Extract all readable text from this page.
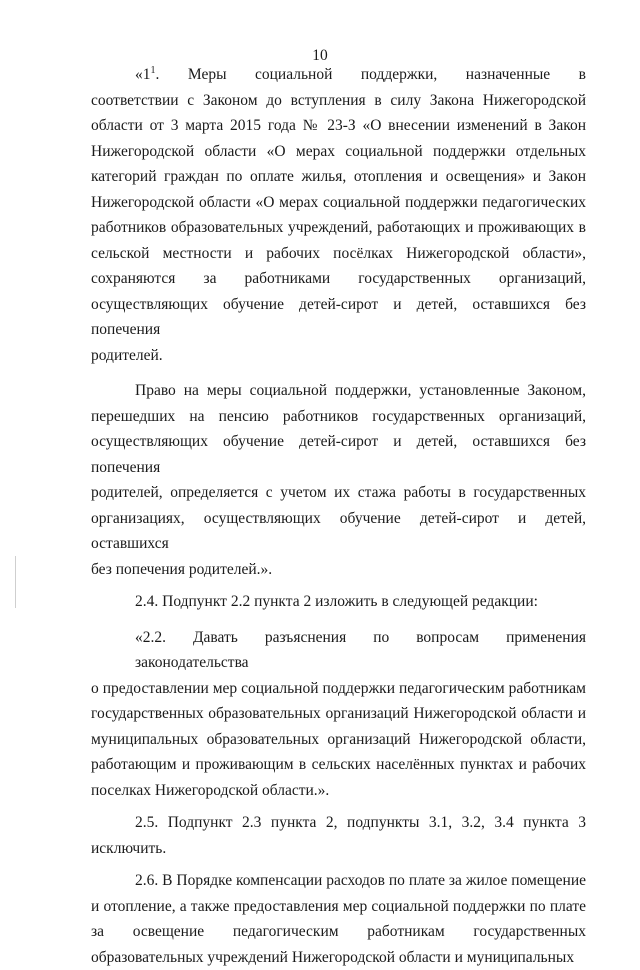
10
«$1^1$. Меры социальной поддержки, назначенные в
соответствии с Законом до вступления в силу Закона Нижегородской
области от 3 марта 2015 года № 23-З «О внесении изменений в Закон
Нижегородской области «О мерах социальной поддержки отдельных
категорий граждан по оплате жилья, отопления и освещения» и Закон
Нижегородской области «О мерах социальной поддержки педагогических
работников образовательных учреждений, работающих и проживающих в
сельской местности и рабочих посёлках Нижегородской области»,
сохраняются за работниками государственных организаций,
осуществляющих обучение детей-сирот и детей, оставшихся без попечения
родителей.
Право на меры социальной поддержки, установленные Законом,
перешедших на пенсию работников государственных организаций,
осуществляющих обучение детей-сирот и детей, оставшихся без попечения
родителей, определяется с учетом их стажа работы в государственных
организациях, осуществляющих обучение детей-сирот и детей, оставшихся
без попечения родителей.».
2.4. Подпункт 2.2 пункта 2 изложить в следующей редакции:
«2.2. Давать разъяснения по вопросам применения законодательства
о предоставлении мер социальной поддержки педагогическим работникам
государственных образовательных организаций Нижегородской области и
муниципальных образовательных организаций Нижегородской области,
работающим и проживающим в сельских населённых пунктах и рабочих
поселках Нижегородской области.».
2.5. Подпункт 2.3 пункта 2, подпункты 3.1, 3.2, 3.4 пункта 3
исключить.
2.6. В Порядке компенсации расходов по плате за жилое помещение
и отопление, а также предоставления мер социальной поддержки по плате
за освещение педагогическим работникам государственных
образовательных учреждений Нижегородской области и муниципальных
